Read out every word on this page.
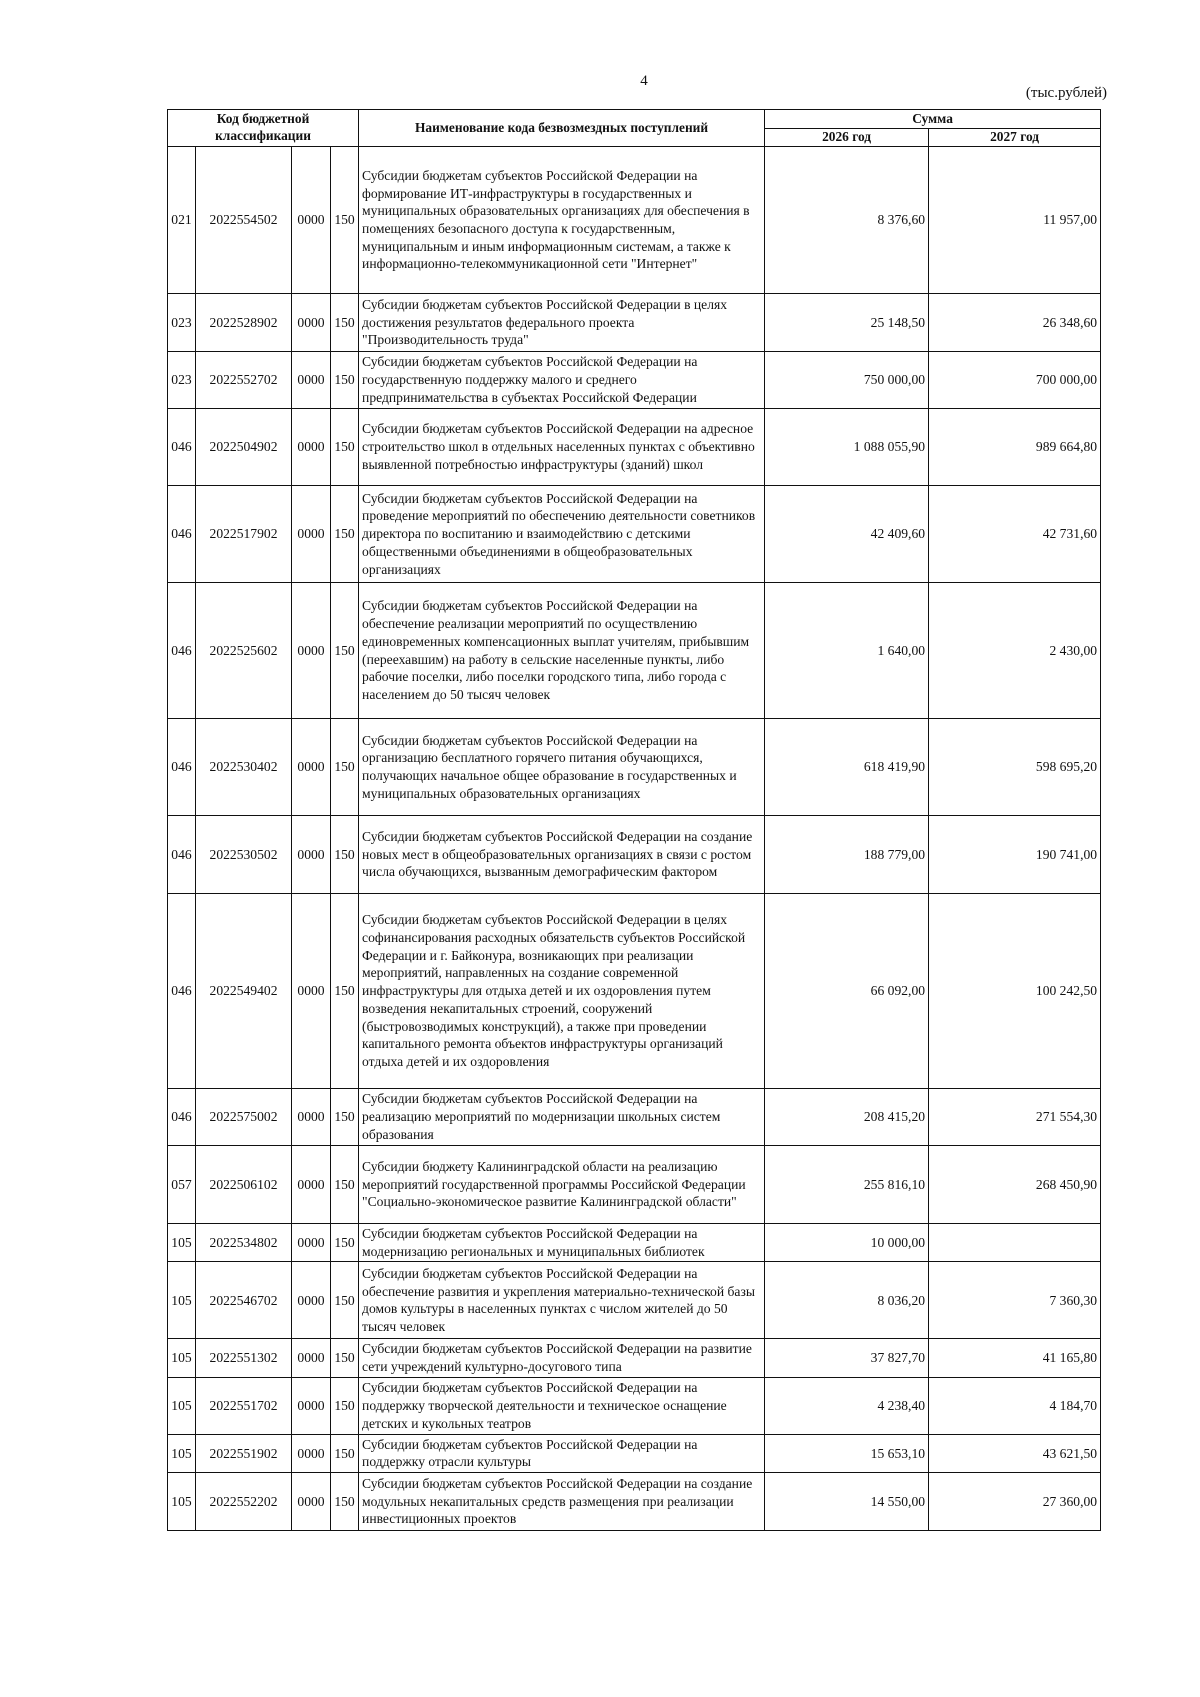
4
(тыс.рублей)
Код бюджетной классификации				Наименование кода безвозмездных поступлений	Сумма	
					2026 год	2027 год
021	2022554502	0000	150	Субсидии бюджетам субъектов Российской Федерации на формирование ИТ-инфраструктуры в государственных и муниципальных образовательных организациях для обеспечения в помещениях безопасного доступа к государственным, муниципальным и иным информационным системам, а также к информационно-телекоммуникационной сети "Интернет"	8 376,60	11 957,00
023	2022528902	0000	150	Субсидии бюджетам субъектов Российской Федерации в целях достижения результатов федерального проекта "Производительность труда"	25 148,50	26 348,60
023	2022552702	0000	150	Субсидии бюджетам субъектов Российской Федерации на государственную поддержку малого и среднего предпринимательства в субъектах Российской Федерации	750 000,00	700 000,00
046	2022504902	0000	150	Субсидии бюджетам субъектов Российской Федерации на адресное строительство школ в отдельных населенных пунктах с объективно выявленной потребностью инфраструктуры (зданий) школ	1 088 055,90	989 664,80
046	2022517902	0000	150	Субсидии бюджетам субъектов Российской Федерации на проведение мероприятий по обеспечению деятельности советников директора по воспитанию и взаимодействию с детскими общественными объединениями в общеобразовательных организациях	42 409,60	42 731,60
046	2022525602	0000	150	Субсидии бюджетам субъектов Российской Федерации на обеспечение реализации мероприятий по осуществлению единовременных компенсационных выплат учителям, прибывшим (переехавшим) на работу в сельские населенные пункты, либо рабочие поселки, либо поселки городского типа, либо города с населением до 50 тысяч человек	1 640,00	2 430,00
046	2022530402	0000	150	Субсидии бюджетам субъектов Российской Федерации на организацию бесплатного горячего питания обучающихся, получающих начальное общее образование в государственных и муниципальных образовательных организациях	618 419,90	598 695,20
046	2022530502	0000	150	Субсидии бюджетам субъектов Российской Федерации на создание новых мест в общеобразовательных организациях в связи с ростом числа обучающихся, вызванным демографическим фактором	188 779,00	190 741,00
046	2022549402	0000	150	Субсидии бюджетам субъектов Российской Федерации в целях софинансирования расходных обязательств субъектов Российской Федерации и г. Байконура, возникающих при реализации мероприятий, направленных на создание современной инфраструктуры для отдыха детей и их оздоровления путем возведения некапитальных строений, сооружений (быстровозводимых конструкций), а также при проведении капитального ремонта объектов инфраструктуры организаций отдыха детей и их оздоровления	66 092,00	100 242,50
046	2022575002	0000	150	Субсидии бюджетам субъектов Российской Федерации на реализацию мероприятий по модернизации школьных систем образования	208 415,20	271 554,30
057	2022506102	0000	150	Субсидии бюджету Калининградской области на реализацию мероприятий государственной программы Российской Федерации "Социально-экономическое развитие Калининградской области"	255 816,10	268 450,90
105	2022534802	0000	150	Субсидии бюджетам субъектов Российской Федерации на модернизацию региональных и муниципальных библиотек	10 000,00	
105	2022546702	0000	150	Субсидии бюджетам субъектов Российской Федерации на обеспечение развития и укрепления материально-технической базы домов культуры в населенных пунктах с числом жителей до 50 тысяч человек	8 036,20	7 360,30
105	2022551302	0000	150	Субсидии бюджетам субъектов Российской Федерации на развитие сети учреждений культурно-досугового типа	37 827,70	41 165,80
105	2022551702	0000	150	Субсидии бюджетам субъектов Российской Федерации на поддержку творческой деятельности и техническое оснащение детских и кукольных театров	4 238,40	4 184,70
105	2022551902	0000	150	Субсидии бюджетам субъектов Российской Федерации на поддержку отрасли культуры	15 653,10	43 621,50
105	2022552202	0000	150	Субсидии бюджетам субъектов Российской Федерации на создание модульных некапитальных средств размещения при реализации инвестиционных проектов	14 550,00	27 360,00
